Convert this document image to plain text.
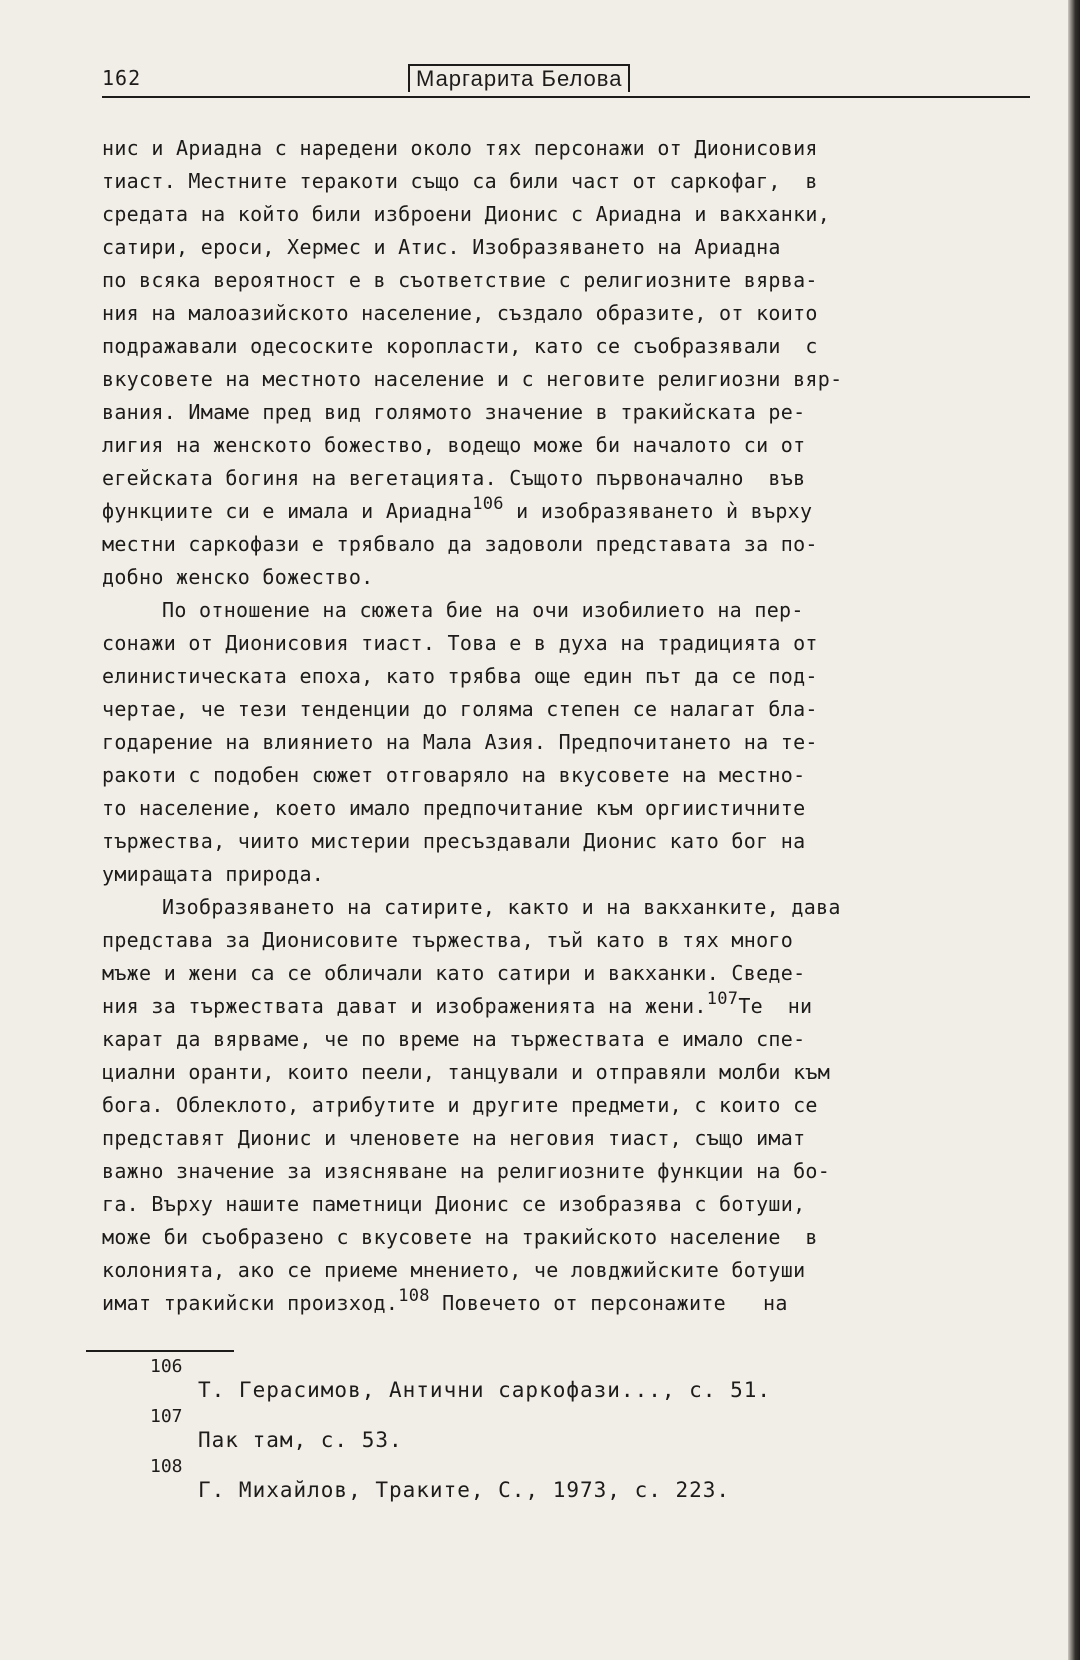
162	Маргарита Белова
нис и Ариадна с наредени около тях персонажи от Дионисовия
тиаст. Местните теракоти също са били част от саркофаг,  в
средата на който били изброени Дионис с Ариадна и вакханки,
сатири, ероси, Хермес и Атис. Изобразяването на Ариадна
по всяка вероятност е в съответствие с религиозните вярва-
ния на малоазийското население, създало образите, от които
подражавали одесоските коропласти, като се съобразявали  с
вкусовете на местното население и с неговите религиозни вяр-
вания. Имаме пред вид голямото значение в тракийската ре-
лигия на женското божество, водещо може би началото си от
егейската богиня на вегетацията. Същото първоначално  във
функциите си е имала и Ариадна$^{106}$ и изобразяването ѝ върху
местни саркофази е трябвало да задоволи представата за по-
добно женско божество.
По отношение на сюжета бие на очи изобилието на пер-
сонажи от Дионисовия тиаст. Това е в духа на традицията от
елинистическата епоха, като трябва още един път да се под-
чертае, че тези тенденции до голяма степен се налагат бла-
годарение на влиянието на Мала Азия. Предпочитането на те-
ракоти с подобен сюжет отговаряло на вкусовете на местно-
то население, което имало предпочитание към оргиистичните
тържества, чиито мистерии пресъздавали Дионис като бог на
умиращата природа.
Изобразяването на сатирите, както и на вакханките, дава
представа за Дионисовите тържества, тъй като в тях много
мъже и жени са се обличали като сатири и вакханки. Сведе-
ния за тържествата дават и изображенията на жени.$^{107}$Те  ни
карат да вярваме, че по време на тържествата е имало спе-
циални оранти, които пеели, танцували и отправяли молби към
бога. Облеклото, атрибутите и другите предмети, с които се
представят Дионис и членовете на неговия тиаст, също имат
важно значение за изясняване на религиозните функции на бо-
га. Върху нашите паметници Дионис се изобразява с ботуши,
може би съобразено с вкусовете на тракийското население  в
колонията, ако се приеме мнението, че ловджийските ботуши
имат тракийски произход.$^{108}$ Повечето от персонажите   на
106
Т. Герасимов, Антични саркофази..., с. 51.
107
Пак там, с. 53.
108
Г. Михайлов, Траките, С., 1973, с. 223.
